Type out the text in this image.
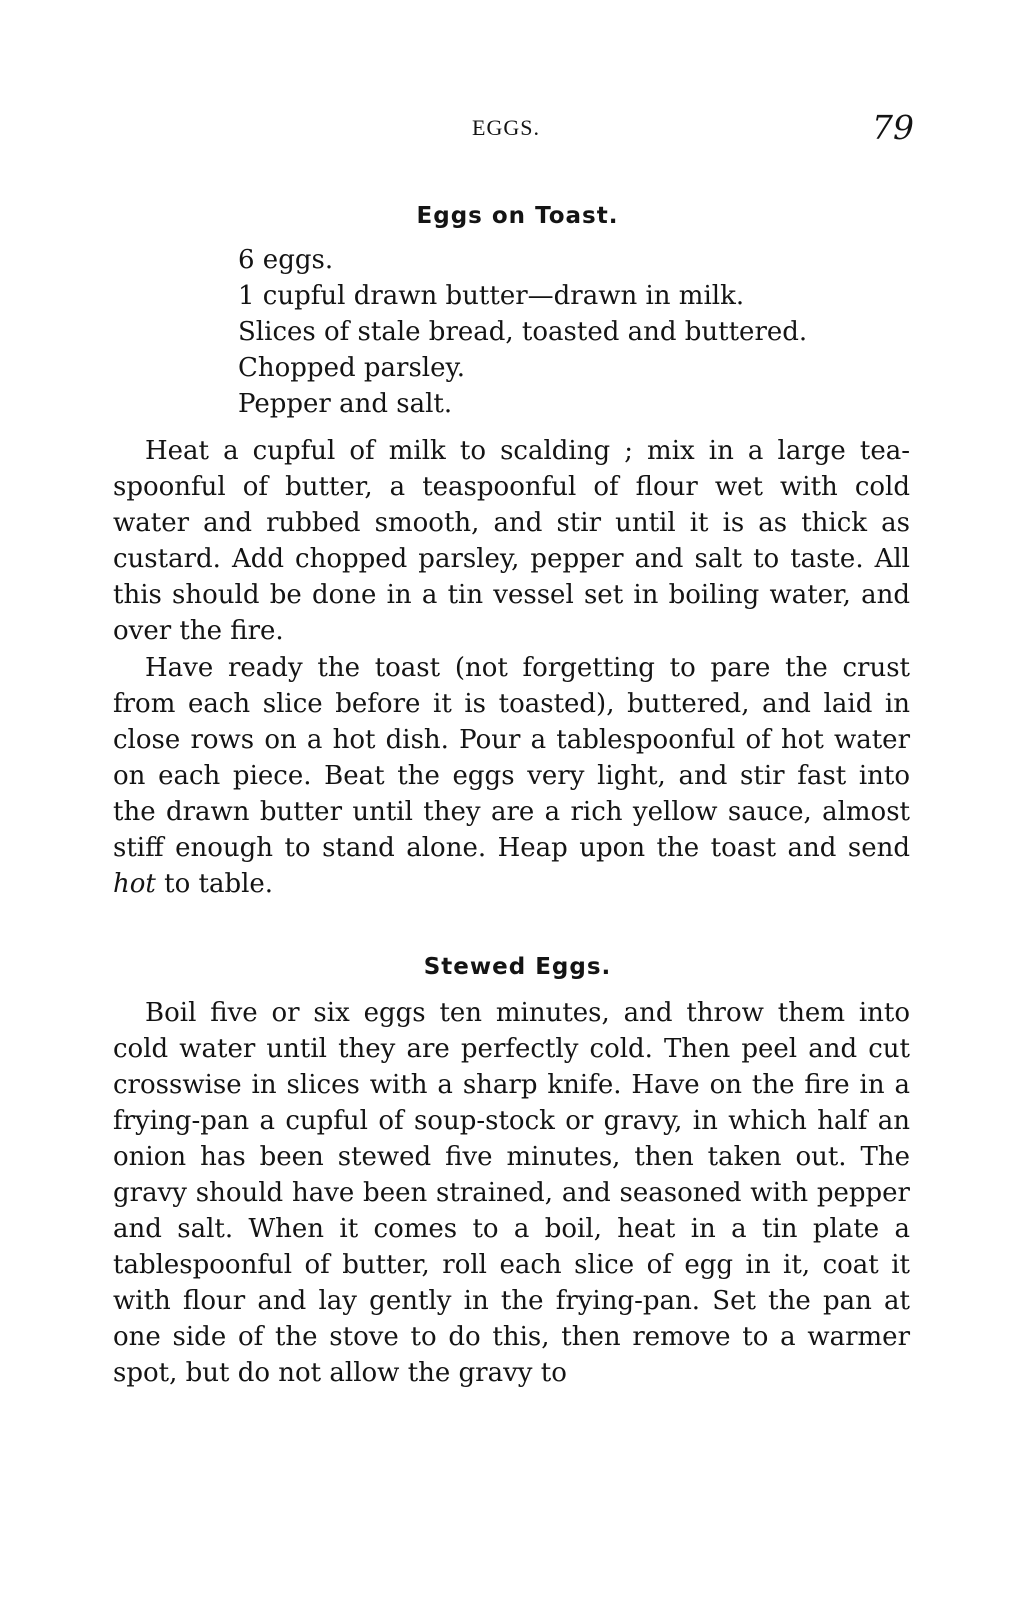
EGGS.	79
Eggs on Toast.
6 eggs.
1 cupful drawn butter—drawn in milk.
Slices of stale bread, toasted and buttered.
Chopped parsley.
Pepper and salt.

Heat a cupful of milk to scalding ; mix in a large tea-spoonful of butter, a teaspoonful of flour wet with cold water and rubbed smooth, and stir until it is as thick as custard. Add chopped parsley, pepper and salt to taste. All this should be done in a tin vessel set in boiling water, and over the fire.

Have ready the toast (not forgetting to pare the crust from each slice before it is toasted), buttered, and laid in close rows on a hot dish. Pour a tablespoonful of hot water on each piece. Beat the eggs very light, and stir fast into the drawn butter until they are a rich yellow sauce, almost stiff enough to stand alone. Heap upon the toast and send hot to table.

Stewed Eggs.

Boil five or six eggs ten minutes, and throw them into cold water until they are perfectly cold. Then peel and cut crosswise in slices with a sharp knife. Have on the fire in a frying-pan a cupful of soup-stock or gravy, in which half an onion has been stewed five minutes, then taken out. The gravy should have been strained, and seasoned with pepper and salt. When it comes to a boil, heat in a tin plate a tablespoonful of butter, roll each slice of egg in it, coat it with flour and lay gently in the frying-pan. Set the pan at one side of the stove to do this, then remove to a warmer spot, but do not allow the gravy to
